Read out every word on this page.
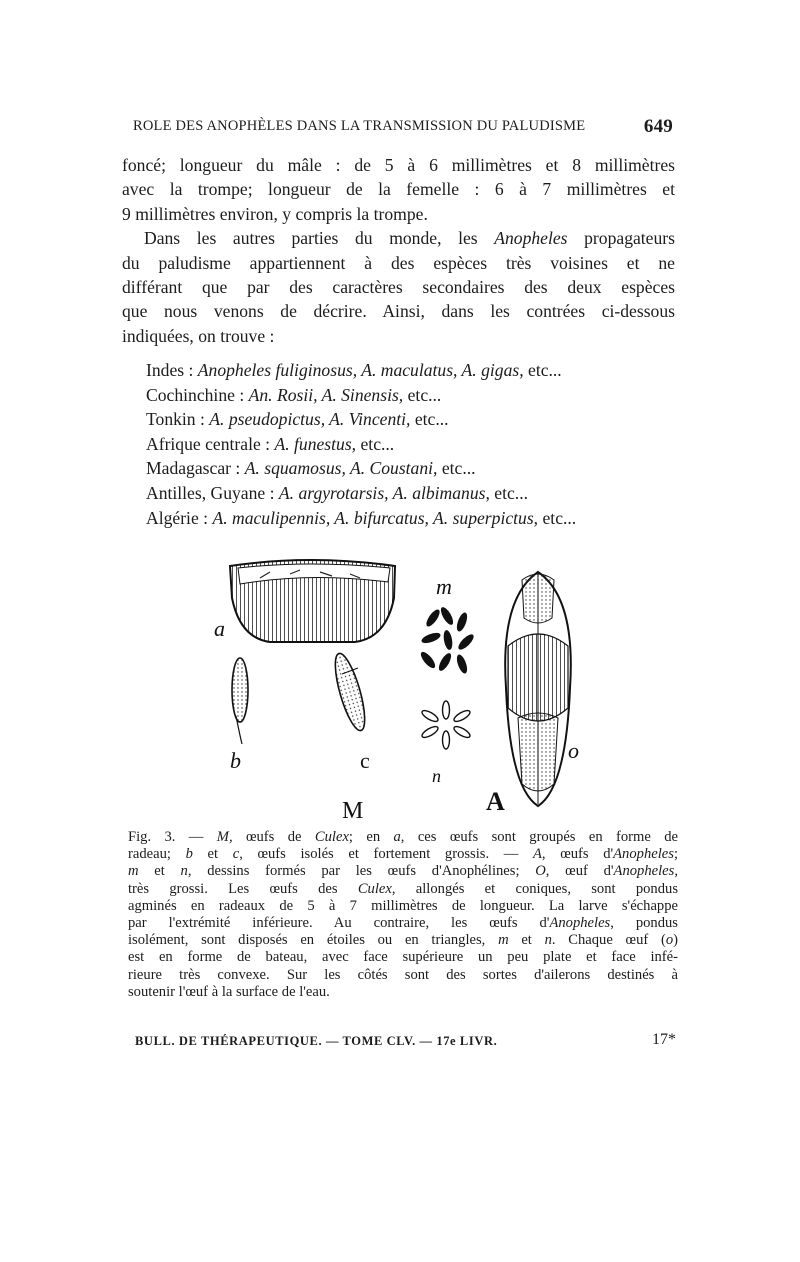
ROLE DES ANOPHÈLES DANS LA TRANSMISSION DU PALUDISME	649
foncé; longueur du mâle : de 5 à 6 millimètres et 8 millimètres
avec la trompe; longueur de la femelle : 6 à 7 millimètres et
9 millimètres environ, y compris la trompe.
Dans les autres parties du monde, les Anopheles propagateurs
du paludisme appartiennent à des espèces très voisines et ne
différant que par des caractères secondaires des deux espèces
que nous venons de décrire. Ainsi, dans les contrées ci-dessous
indiquées, on trouve :
Indes : Anopheles fuliginosus, A. maculatus, A. gigas, etc...
Cochinchine : An. Rosii, A. Sinensis, etc...
Tonkin : A. pseudopictus, A. Vincenti, etc...
Afrique centrale : A. funestus, etc...
Madagascar : A. squamosus, A. Coustani, etc...
Antilles, Guyane : A. argyrotarsis, A. albimanus, etc...
Algérie : A. maculipennis, A. bifurcatus, A. superpictus, etc...
a
b	c
m
n
o
M	A
Fig. 3. — M, œufs de Culex; en a, ces œufs sont groupés en forme de
radeau; b et c, œufs isolés et fortement grossis. — A, œufs d'Anopheles;
m et n, dessins formés par les œufs d'Anophélines; O, œuf d'Anopheles,
très grossi. Les œufs des Culex, allongés et coniques, sont pondus
agminés en radeaux de 5 à 7 millimètres de longueur. La larve s'échappe
par l'extrémité inférieure. Au contraire, les œufs d'Anopheles, pondus
isolément, sont disposés en étoiles ou en triangles, m et n. Chaque œuf (o)
est en forme de bateau, avec face supérieure un peu plate et face infé-
rieure très convexe. Sur les côtés sont des sortes d'ailerons destinés à
soutenir l'œuf à la surface de l'eau.
BULL. DE THÉRAPEUTIQUE. — TOME CLV. — 17e LIVR.	17*
